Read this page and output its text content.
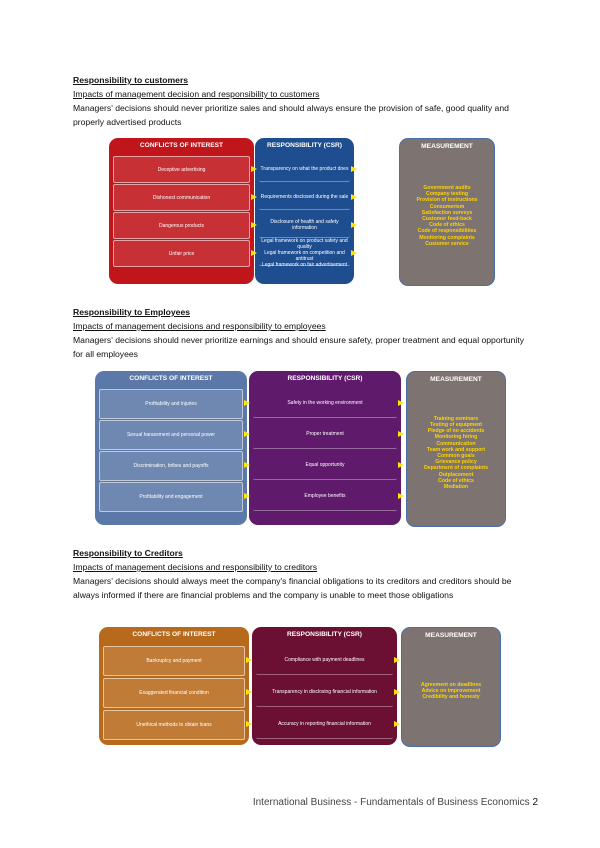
Responsibility to customers
Impacts of management decision and responsibility to customers
Managers' decisions should never prioritize sales and should always ensure the provision of safe, good quality and properly advertised products
CONFLICTS OF INTEREST
Deceptive advertising
Dishonest communication
Dangerous products
Unfair price
RESPONSIBILITY (CSR)
Transparency on what the product does
Requirements disclosed during the sale
Disclosure of health and safety information
Legal framework on product safety and quality
Legal framework on competition and antitrust
Legal framework on fair advertisement
MEASUREMENT
Government audits
Company testing
Provision of instructions
Consumerism
Satisfaction surveys
Customer feed-back
Code of ethics
Code of responsibilities
Monitoring complaints
Customer service
Responsibility to Employees
Impacts of management decisions and responsibility to employees
Managers' decisions should never prioritize earnings and should ensure safety, proper treatment and equal opportunity for all employees
CONFLICTS OF INTEREST
Profitability and injuries
Sexual harassment and personal power
Discrimination, bribes and payoffs
Profitability and engagement
RESPONSIBILITY (CSR)
Safety in the working environment
Proper treatment
Equal opportunity
Employee benefits
MEASUREMENT
Training seminars
Testing of equipment
Pledge of no accidents
Monitoring hiring
Communication
Team work and support
Common goals
Grievance policy
Department of complaints
Outplacement
Code of ethics
Mediation
Responsibility to Creditors
Impacts of management decisions and responsibility to creditors
Managers' decisions should always meet the company's financial obligations to its creditors and creditors should be always informed if there are financial problems and the company is unable to meet those obligations
CONFLICTS OF INTEREST
Bankruptcy and payment
Exaggerated financial condition
Unethical methods to obtain loans
RESPONSIBILITY (CSR)
Compliance with payment deadlines
Transparency in disclosing financial information
Accuracy in reporting financial information
MEASUREMENT
Agreement on deadlines
Advice on improvement
Credibility and honesty
International Business - Fundamentals of Business Economics 2
